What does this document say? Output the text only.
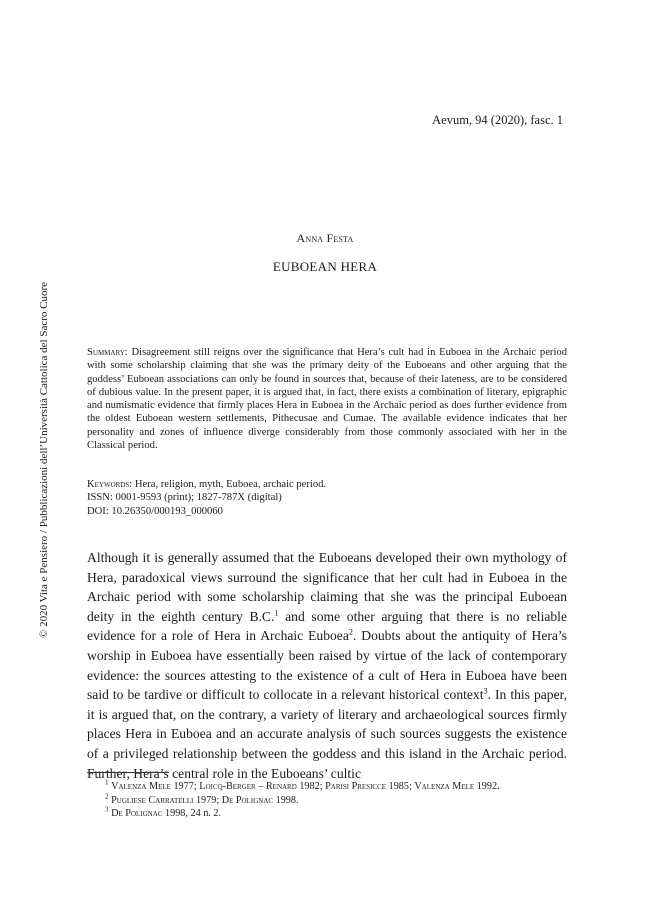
Aevum, 94 (2020), fasc. 1
Anna Festa
EUBOEAN HERA
Summary: Disagreement still reigns over the significance that Hera’s cult had in Euboea in the Archaic period with some scholarship claiming that she was the primary deity of the Euboeans and other arguing that the goddess’ Euboean associations can only be found in sources that, because of their lateness, are to be considered of dubious value. In the present paper, it is argued that, in fact, there exists a combination of literary, epigraphic and numismatic evidence that firmly places Hera in Euboea in the Archaic period as does further evidence from the oldest Euboean western settlements, Pithecusae and Cumae. The available evidence indicates that her personality and zones of influence diverge considerably from those commonly associated with her in the Classical period.
Keywords: Hera, religion, myth, Euboea, archaic period.
ISSN: 0001-9593 (print); 1827-787X (digital)
DOI: 10.26350/000193_000060
Although it is generally assumed that the Euboeans developed their own mythology of Hera, paradoxical views surround the significance that her cult had in Euboea in the Archaic period with some scholarship claiming that she was the principal Euboean deity in the eighth century B.C.$^1$ and some other arguing that there is no reliable evidence for a role of Hera in Archaic Euboea$^2$. Doubts about the antiquity of Hera’s worship in Euboea have essentially been raised by virtue of the lack of contemporary evidence: the sources attesting to the existence of a cult of Hera in Euboea have been said to be tardive or difficult to collocate in a relevant historical context$^3$. In this paper, it is argued that, on the contrary, a variety of literary and archaeological sources firmly places Hera in Euboea and an accurate analysis of such sources suggests the existence of a privileged relationship between the goddess and this island in the Archaic period. Further, Hera’s central role in the Euboeans’ cultic
$^1$ Valenza Mele 1977; Loicq-Berger – Renard 1982; Parisi Presicce 1985; Valenza Mele 1992.
$^2$ Pugliese Carratelli 1979; De Polignac 1998.
$^3$ De Polignac 1998, 24 n. 2.
© 2020 Vita e Pensiero / Pubblicazioni dell’Università Cattolica del Sacro Cuore
